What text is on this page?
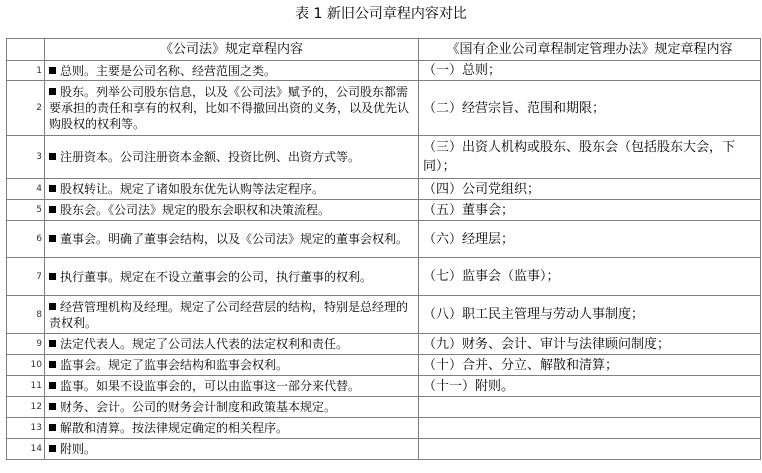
表 1 新旧公司章程内容对比
	《公司法》规定章程内容	《国有企业公司章程制定管理办法》规定章程内容
1	总则。主要是公司名称、经营范围之类。	（一）总则；
2	股东。列举公司股东信息，以及《公司法》赋予的，公司股东都需要承担的责任和享有的权利，比如不得撤回出资的义务，以及优先认购股权的权利等。	（二）经营宗旨、范围和期限；
3	注册资本。公司注册资本金额、投资比例、出资方式等。	（三）出资人机构或股东、股东会（包括股东大会，下同）；
4	股权转让。规定了诸如股东优先认购等法定程序。	（四）公司党组织；
5	股东会。《公司法》规定的股东会职权和决策流程。	（五）董事会；
6	董事会。明确了董事会结构，以及《公司法》规定的董事会权利。	（六）经理层；
7	执行董事。规定在不设立董事会的公司，执行董事的权利。	（七）监事会（监事）；
8	经营管理机构及经理。规定了公司经营层的结构，特别是总经理的责权利。	（八）职工民主管理与劳动人事制度；
9	法定代表人。规定了公司法人代表的法定权利和责任。	（九）财务、会计、审计与法律顾问制度；
10	监事会。规定了监事会结构和监事会权利。	（十）合并、分立、解散和清算；
11	监事。如果不设监事会的，可以由监事这一部分来代替。	（十一）附则。
12	财务、会计。公司的财务会计制度和政策基本规定。	
13	解散和清算。按法律规定确定的相关程序。	
14	附则。	
